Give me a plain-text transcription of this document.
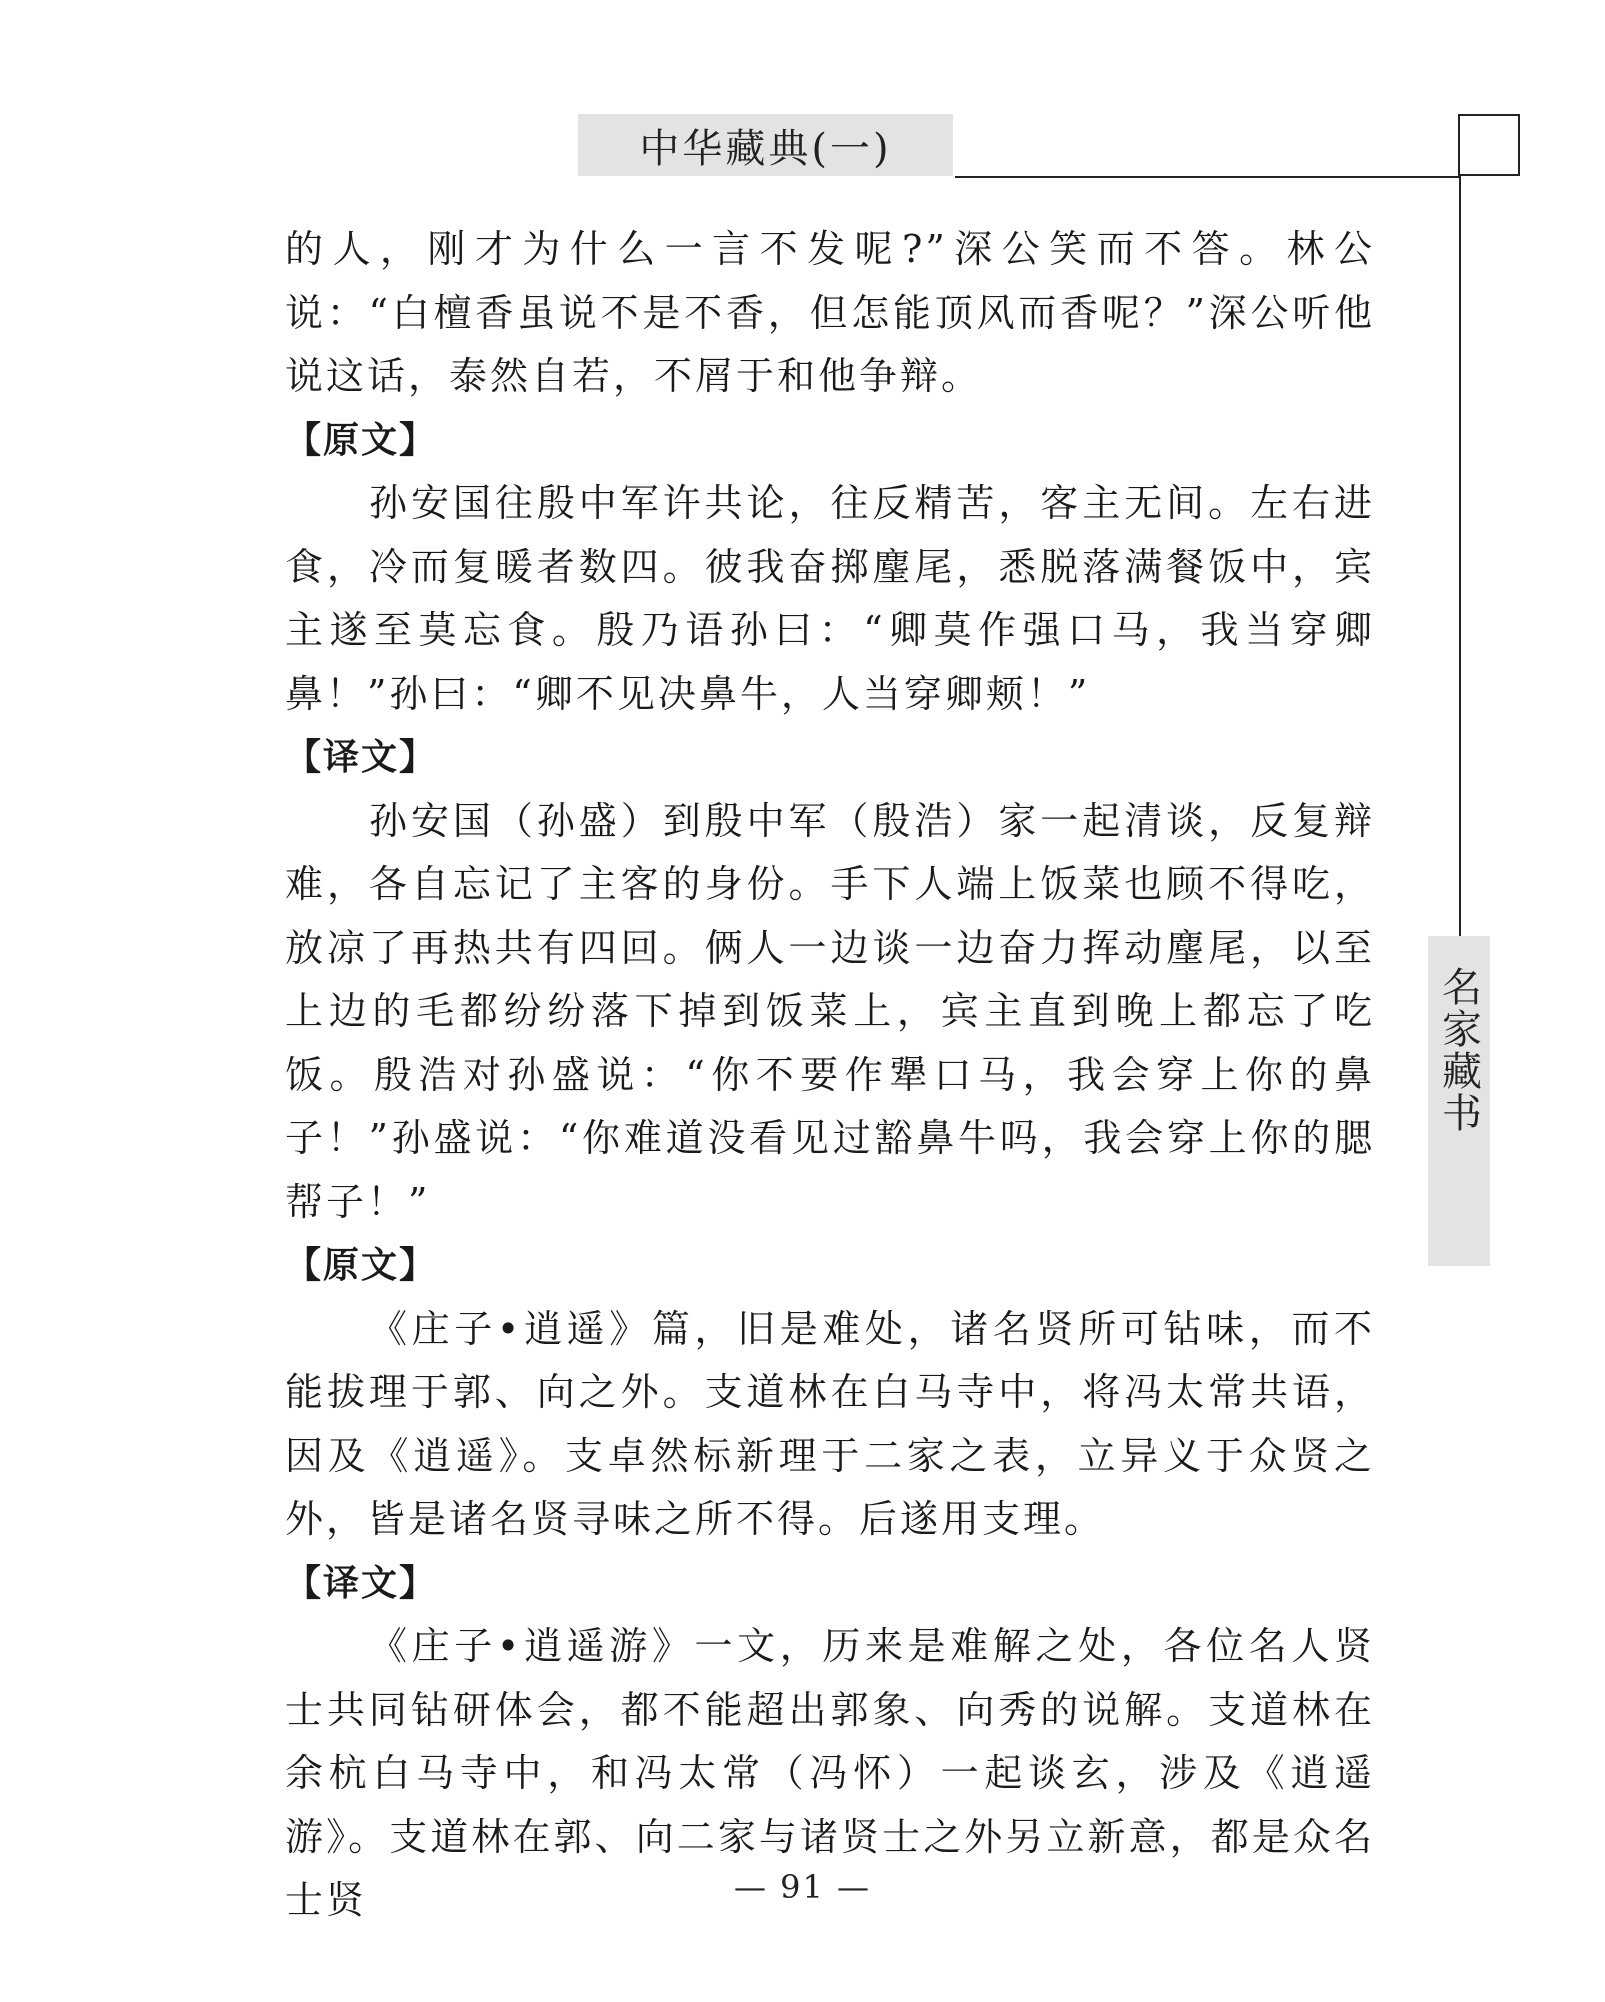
中华藏典(一)
名家藏书

的人，刚才为什么一言不发呢?”深公笑而不答。林公说：“白檀香虽说不是不香，但怎能顶风而香呢？”深公听他说这话，泰然自若，不屑于和他争辩。

【原文】

孙安国往殷中军许共论，往反精苦，客主无间。左右进食，冷而复暖者数四。彼我奋掷麈尾，悉脱落满餐饭中，宾主遂至莫忘食。殷乃语孙曰：“卿莫作强口马，我当穿卿鼻！”孙曰：“卿不见决鼻牛，人当穿卿颊！”

【译文】

孙安国（孙盛）到殷中军（殷浩）家一起清谈，反复辩难，各自忘记了主客的身份。手下人端上饭菜也顾不得吃，放凉了再热共有四回。俩人一边谈一边奋力挥动麈尾，以至上边的毛都纷纷落下掉到饭菜上，宾主直到晚上都忘了吃饭。殷浩对孙盛说：“你不要作犟口马，我会穿上你的鼻子！”孙盛说：“你难道没看见过豁鼻牛吗，我会穿上你的腮帮子！”

【原文】

《庄子•逍遥》篇，旧是难处，诸名贤所可钻味，而不能拔理于郭、向之外。支道林在白马寺中，将冯太常共语，因及《逍遥》。支卓然标新理于二家之表，立异义于众贤之外，皆是诸名贤寻味之所不得。后遂用支理。

【译文】

《庄子•逍遥游》一文，历来是难解之处，各位名人贤士共同钻研体会，都不能超出郭象、向秀的说解。支道林在余杭白马寺中，和冯太常（冯怀）一起谈玄，涉及《逍遥游》。支道林在郭、向二家与诸贤士之外另立新意，都是众名士贤	— 91 —
